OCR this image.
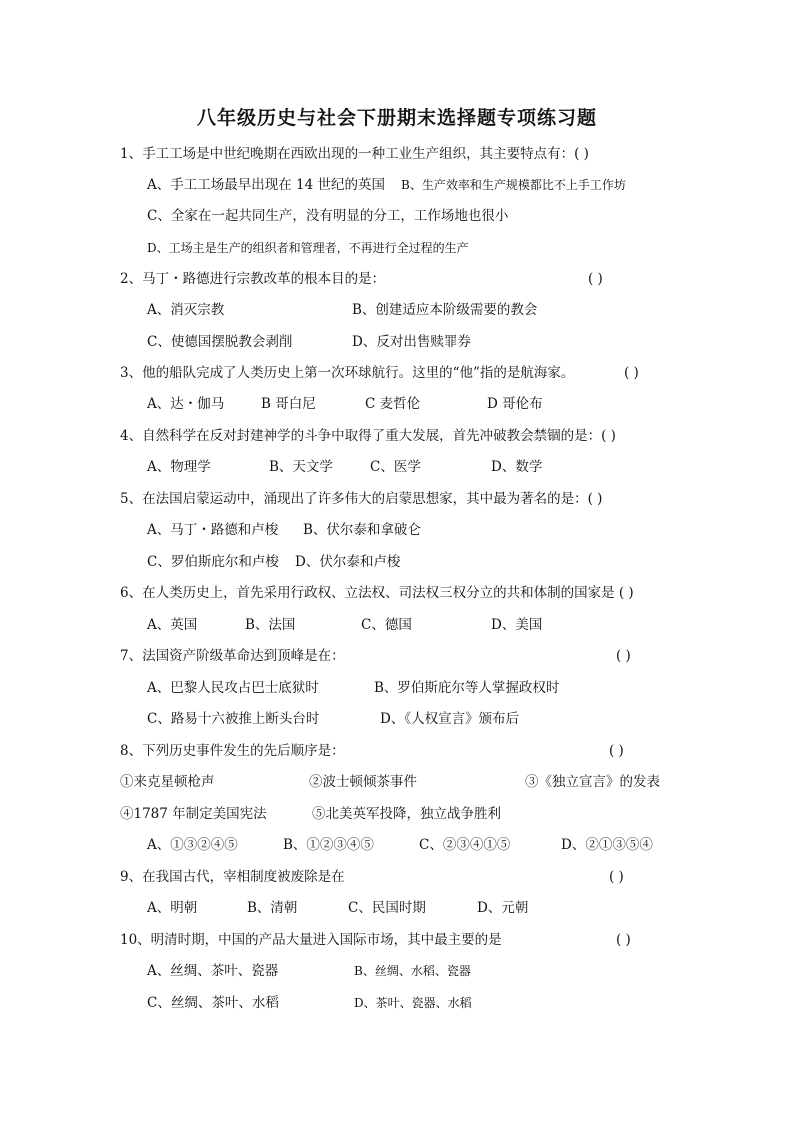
八年级历史与社会下册期末选择题专项练习题
1、手工工场是中世纪晚期在西欧出现的一种工业生产组织，其主要特点有：( )
A、手工工场最早出现在 14 世纪的英国 B、生产效率和生产规模都比不上手工作坊
C、全家在一起共同生产，没有明显的分工，工作场地也很小
D、工场主是生产的组织者和管理者，不再进行全过程的生产
2、马丁・路德进行宗教改革的根本目的是：	( )
A、消灭宗教	B、创建适应本阶级需要的教会
C、使德国摆脱教会剥削	D、反对出售赎罪券
3、他的船队完成了人类历史上第一次环球航行。这里的“他”指的是航海家。	( )
A、达・伽马	B 哥白尼	C 麦哲伦	D 哥伦布
4、自然科学在反对封建神学的斗争中取得了重大发展，首先冲破教会禁锢的是：( )
A、物理学	B、天文学	C、医学	D、数学
5、在法国启蒙运动中，涌现出了许多伟大的启蒙思想家，其中最为著名的是：( )
A、马丁・路德和卢梭 B、伏尔泰和拿破仑
C、罗伯斯庇尔和卢梭 D、伏尔泰和卢梭
6、在人类历史上，首先采用行政权、立法权、司法权三权分立的共和体制的国家是 ( )
A、英国	B、法国	C、德国	D、美国
7、法国资产阶级革命达到顶峰是在：	( )
A、巴黎人民攻占巴士底狱时	B、罗伯斯庇尔等人掌握政权时
C、路易十六被推上断头台时	D、《人权宣言》颁布后
8、下列历史事件发生的先后顺序是：	( )
①来克星顿枪声	②波士顿倾茶事件	③《独立宣言》的发表
④1787 年制定美国宪法	⑤北美英军投降，独立战争胜利
A、①③②④⑤	B、①②③④⑤	C、②③④①⑤	D、②①③⑤④
9、在我国古代，宰相制度被废除是在	( )
A、明朝	B、清朝	C、民国时期	D、元朝
10、明清时期，中国的产品大量进入国际市场，其中最主要的是	( )
A、丝绸、茶叶、瓷器	B、丝绸、水稻、瓷器
C、丝绸、茶叶、水稻	D、茶叶、瓷器、水稻
